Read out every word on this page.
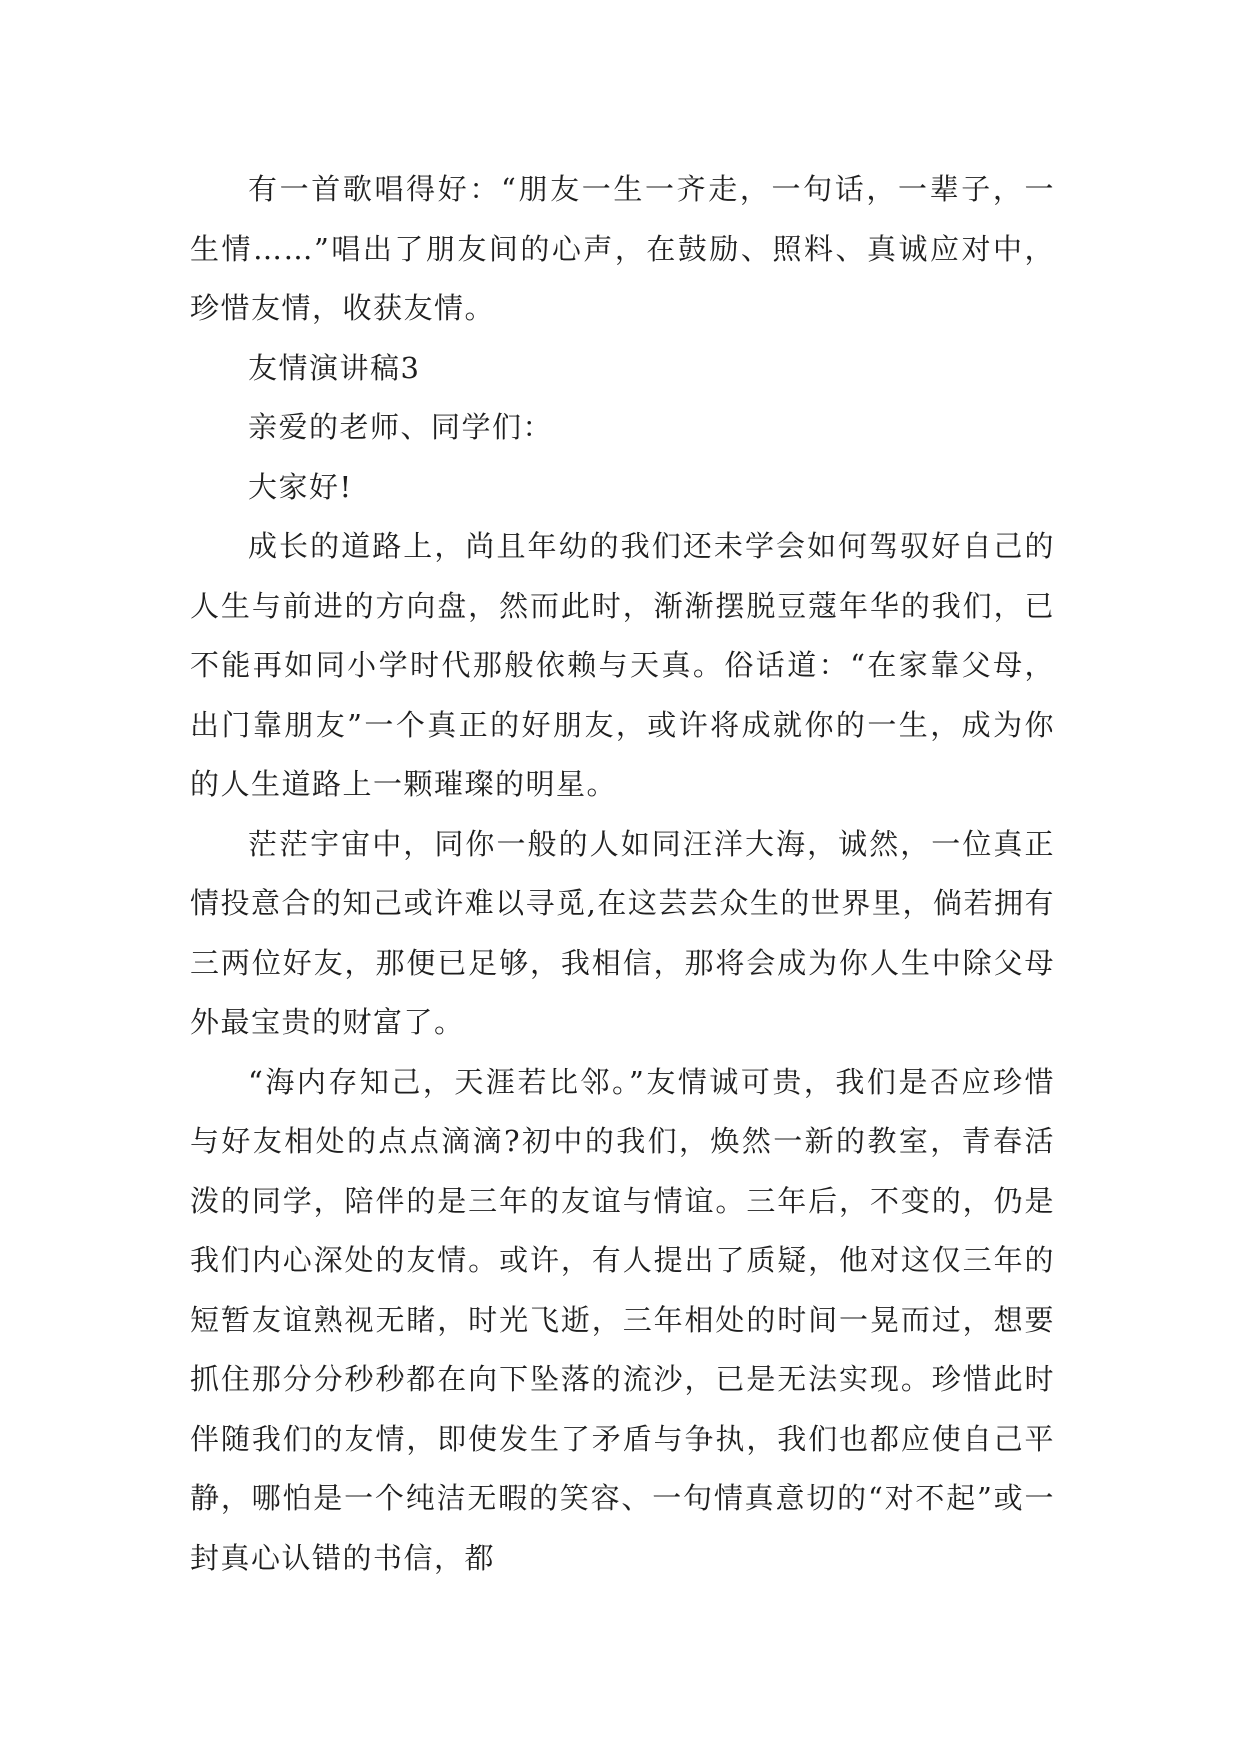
有一首歌唱得好：“朋友一生一齐走，一句话，一辈子，一生情……”唱出了朋友间的心声，在鼓励、照料、真诚应对中，珍惜友情，收获友情。

友情演讲稿3

亲爱的老师、同学们：

大家好!

成长的道路上，尚且年幼的我们还未学会如何驾驭好自己的人生与前进的方向盘，然而此时，渐渐摆脱豆蔻年华的我们，已不能再如同小学时代那般依赖与天真。俗话道：“在家靠父母，出门靠朋友”一个真正的好朋友，或许将成就你的一生，成为你的人生道路上一颗璀璨的明星。

茫茫宇宙中，同你一般的人如同汪洋大海，诚然，一位真正情投意合的知己或许难以寻觅,在这芸芸众生的世界里，倘若拥有三两位好友，那便已足够，我相信，那将会成为你人生中除父母外最宝贵的财富了。

“海内存知己，天涯若比邻。”友情诚可贵，我们是否应珍惜与好友相处的点点滴滴?初中的我们，焕然一新的教室，青春活泼的同学，陪伴的是三年的友谊与情谊。三年后，不变的，仍是我们内心深处的友情。或许，有人提出了质疑，他对这仅三年的短暂友谊熟视无睹，时光飞逝，三年相处的时间一晃而过，想要抓住那分分秒秒都在向下坠落的流沙，已是无法实现。珍惜此时伴随我们的友情，即使发生了矛盾与争执，我们也都应使自己平静，哪怕是一个纯洁无暇的笑容、一句情真意切的“对不起”或一封真心认错的书信，都
